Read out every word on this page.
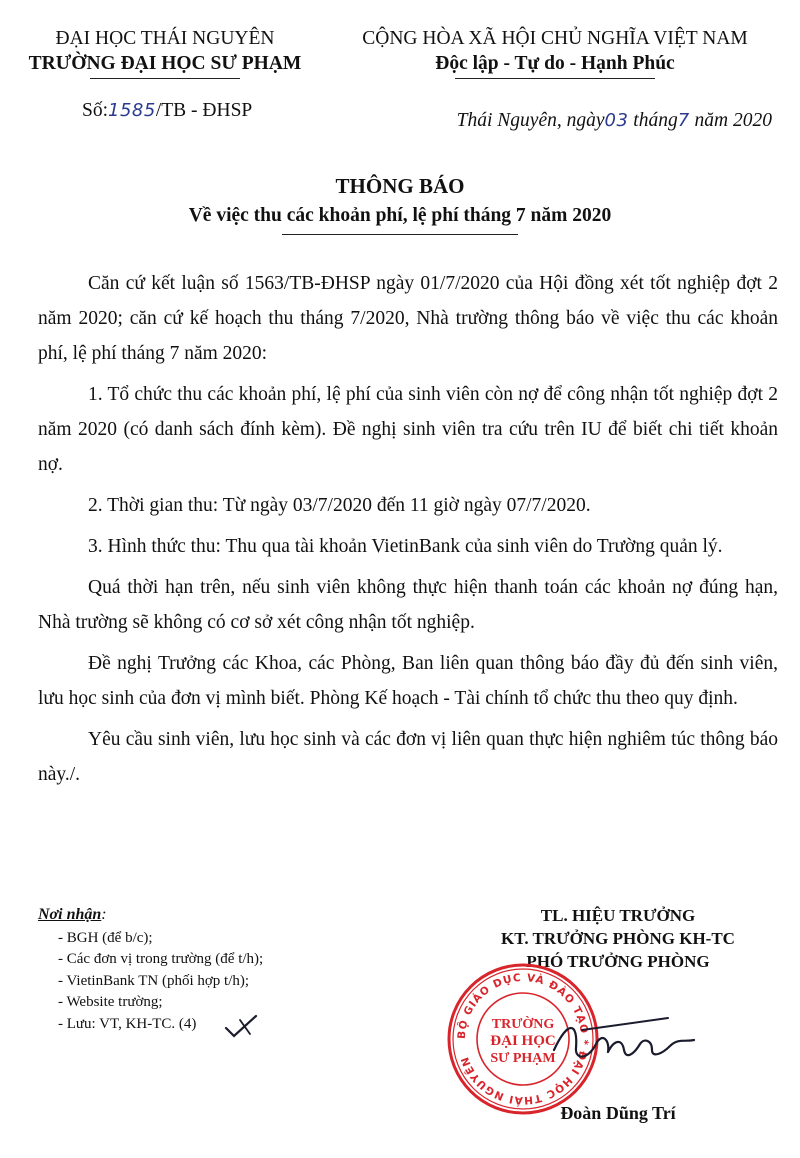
ĐẠI HỌC THÁI NGUYÊN
TRƯỜNG ĐẠI HỌC SƯ PHẠM
CỘNG HÒA XÃ HỘI CHỦ NGHĨA VIỆT NAM
Độc lập - Tự do - Hạnh Phúc
Số:1585/TB - ĐHSP	Thái Nguyên, ngày03 tháng7 năm 2020
THÔNG BÁO
Về việc thu các khoản phí, lệ phí tháng 7 năm 2020

Căn cứ kết luận số 1563/TB-ĐHSP ngày 01/7/2020 của Hội đồng xét tốt nghiệp đợt 2 năm 2020; căn cứ kế hoạch thu tháng 7/2020, Nhà trường thông báo về việc thu các khoản phí, lệ phí tháng 7 năm 2020:

1. Tổ chức thu các khoản phí, lệ phí của sinh viên còn nợ để công nhận tốt nghiệp đợt 2 năm 2020 (có danh sách đính kèm). Đề nghị sinh viên tra cứu trên IU để biết chi tiết khoản nợ.

2. Thời gian thu: Từ ngày 03/7/2020 đến 11 giờ ngày 07/7/2020.

3. Hình thức thu: Thu qua tài khoản VietinBank của sinh viên do Trường quản lý.

Quá thời hạn trên, nếu sinh viên không thực hiện thanh toán các khoản nợ đúng hạn, Nhà trường sẽ không có cơ sở xét công nhận tốt nghiệp.

Đề nghị Trưởng các Khoa, các Phòng, Ban liên quan thông báo đầy đủ đến sinh viên, lưu học sinh của đơn vị mình biết. Phòng Kế hoạch - Tài chính tổ chức thu theo quy định.

Yêu cầu sinh viên, lưu học sinh và các đơn vị liên quan thực hiện nghiêm túc thông báo này./.

Nơi nhận:
- BGH (để b/c);
- Các đơn vị trong trường (để t/h);
- VietinBank TN (phối hợp t/h);
- Website trường;
- Lưu: VT, KH-TC. (4)
TL. HIỆU TRƯỞNG
KT. TRƯỞNG PHÒNG KH-TC
PHÓ TRƯỞNG PHÒNG
BỘ GIÁO DỤC VÀ ĐÀO TẠO * ĐẠI HỌC THÁI NGUYÊN
TRƯỜNG
ĐẠI HỌC
SƯ PHẠM
Đoàn Dũng Trí
